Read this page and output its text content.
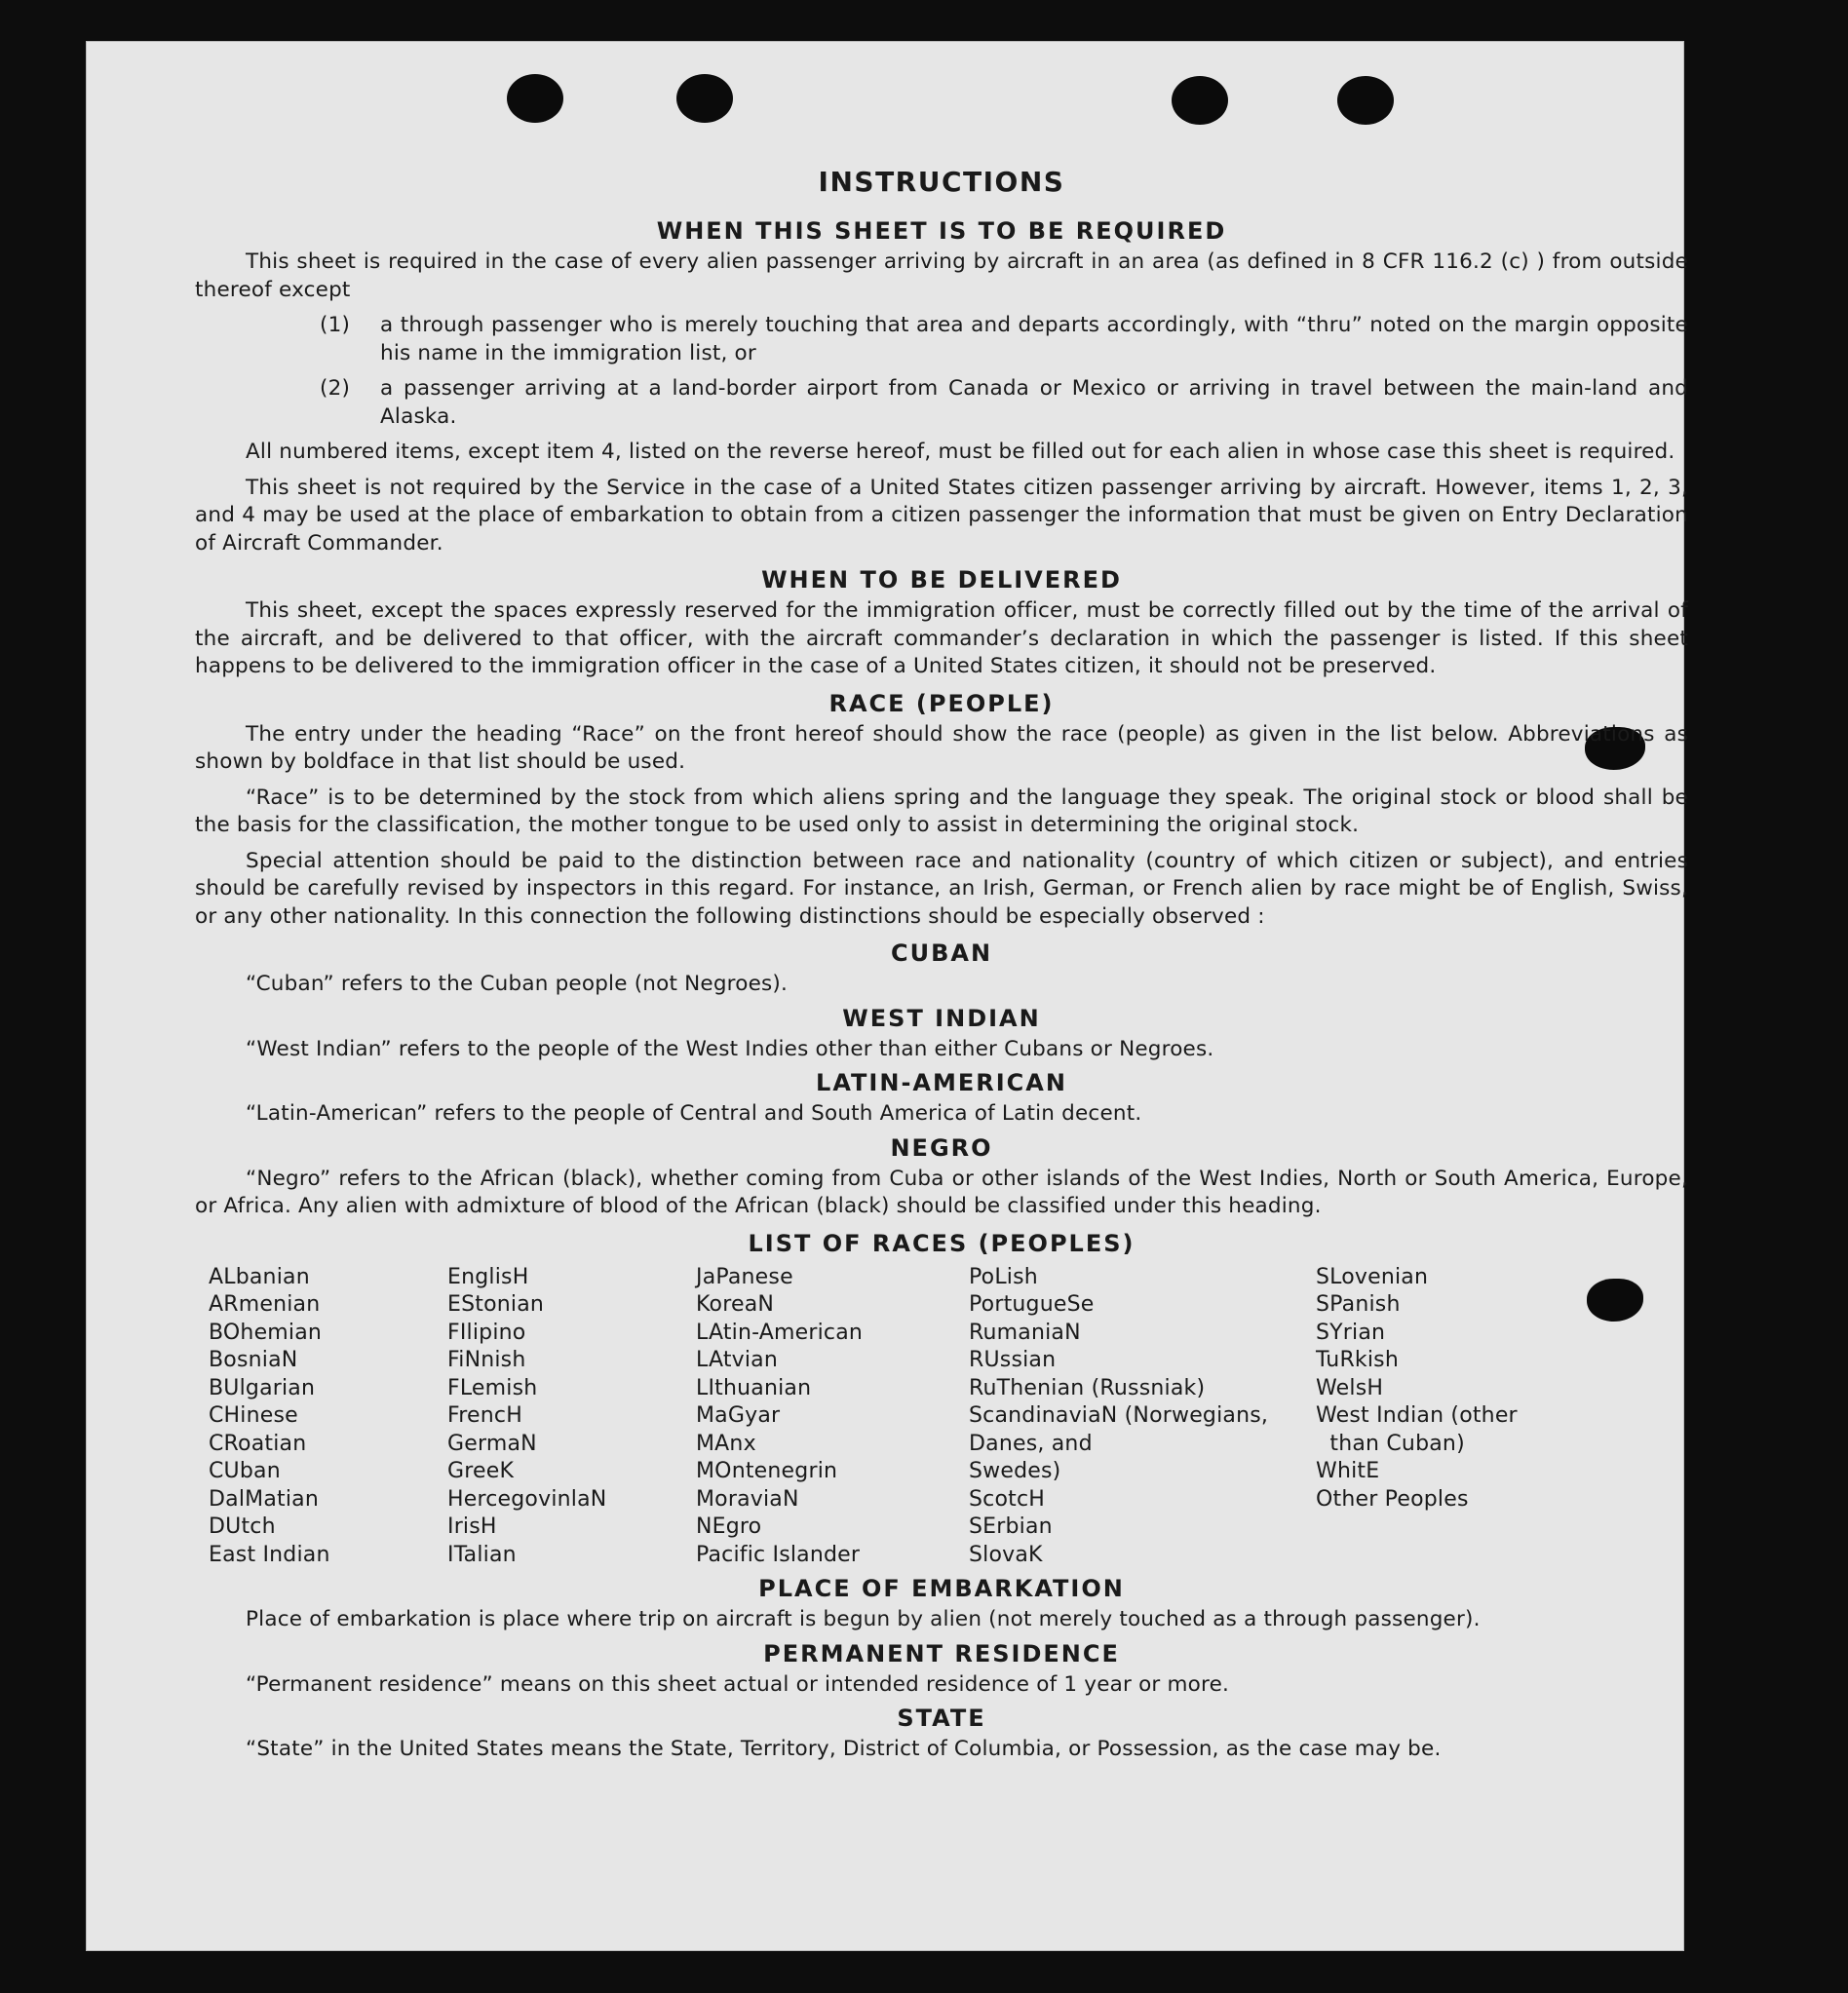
INSTRUCTIONS
WHEN THIS SHEET IS TO BE REQUIRED

This sheet is required in the case of every alien passenger arriving by aircraft in an area (as defined in 8 CFR 116.2 (c) ) from outside thereof except

(1)	a through passenger who is merely touching that area and departs accordingly, with “thru” noted on the margin opposite his name in the immigration list, or
(2)	a passenger arriving at a land-border airport from Canada or Mexico or arriving in travel between the main-land and Alaska.

All numbered items, except item 4, listed on the reverse hereof, must be filled out for each alien in whose case this sheet is required.

This sheet is not required by the Service in the case of a United States citizen passenger arriving by aircraft. However, items 1, 2, 3, and 4 may be used at the place of embarkation to obtain from a citizen passenger the information that must be given on Entry Declaration of Aircraft Commander.

WHEN TO BE DELIVERED

This sheet, except the spaces expressly reserved for the immigration officer, must be correctly filled out by the time of the arrival of the aircraft, and be delivered to that officer, with the aircraft commander’s declaration in which the passenger is listed. If this sheet happens to be delivered to the immigration officer in the case of a United States citizen, it should not be preserved.

RACE (PEOPLE)

The entry under the heading “Race” on the front hereof should show the race (people) as given in the list below. Abbreviations as shown by boldface in that list should be used.

“Race” is to be determined by the stock from which aliens spring and the language they speak. The original stock or blood shall be the basis for the classification, the mother tongue to be used only to assist in determining the original stock.

Special attention should be paid to the distinction between race and nationality (country of which citizen or subject), and entries should be carefully revised by inspectors in this regard. For instance, an Irish, German, or French alien by race might be of English, Swiss, or any other nationality. In this connection the following distinctions should be especially observed :

CUBAN

“Cuban” refers to the Cuban people (not Negroes).

WEST INDIAN

“West Indian” refers to the people of the West Indies other than either Cubans or Negroes.

LATIN-AMERICAN

“Latin-American” refers to the people of Central and South America of Latin decent.

NEGRO

“Negro” refers to the African (black), whether coming from Cuba or other islands of the West Indies, North or South America, Europe, or Africa. Any alien with admixture of blood of the African (black) should be classified under this heading.

LIST OF RACES (PEOPLES)
ALbanian
ARmenian
BOhemian
BosniaN
BUlgarian
CHinese
CRoatian
CUban
DalMatian
DUtch
East Indian
EnglisH
EStonian
FIlipino
FiNnish
FLemish
FrencH
GermaN
GreeK
HercegovinlaN
IrisH
ITalian
JaPanese
KoreaN
LAtin-American
LAtvian
LIthuanian
MaGyar
MAnx
MOntenegrin
MoraviaN
NEgro
Pacific Islander
PoLish
PortugueSe
RumaniaN
RUssian
RuThenian (Russniak)
ScandinaviaN (Norwegians,
Danes, and
Swedes)
ScotcH
SErbian
SlovaK
SLovenian
SPanish
SYrian
TuRkish
WelsH
West Indian (other
than Cuban)
WhitE
Other Peoples
PLACE OF EMBARKATION

Place of embarkation is place where trip on aircraft is begun by alien (not merely touched as a through passenger).

PERMANENT RESIDENCE

“Permanent residence” means on this sheet actual or intended residence of 1 year or more.

STATE

“State” in the United States means the State, Territory, District of Columbia, or Possession, as the case may be.
